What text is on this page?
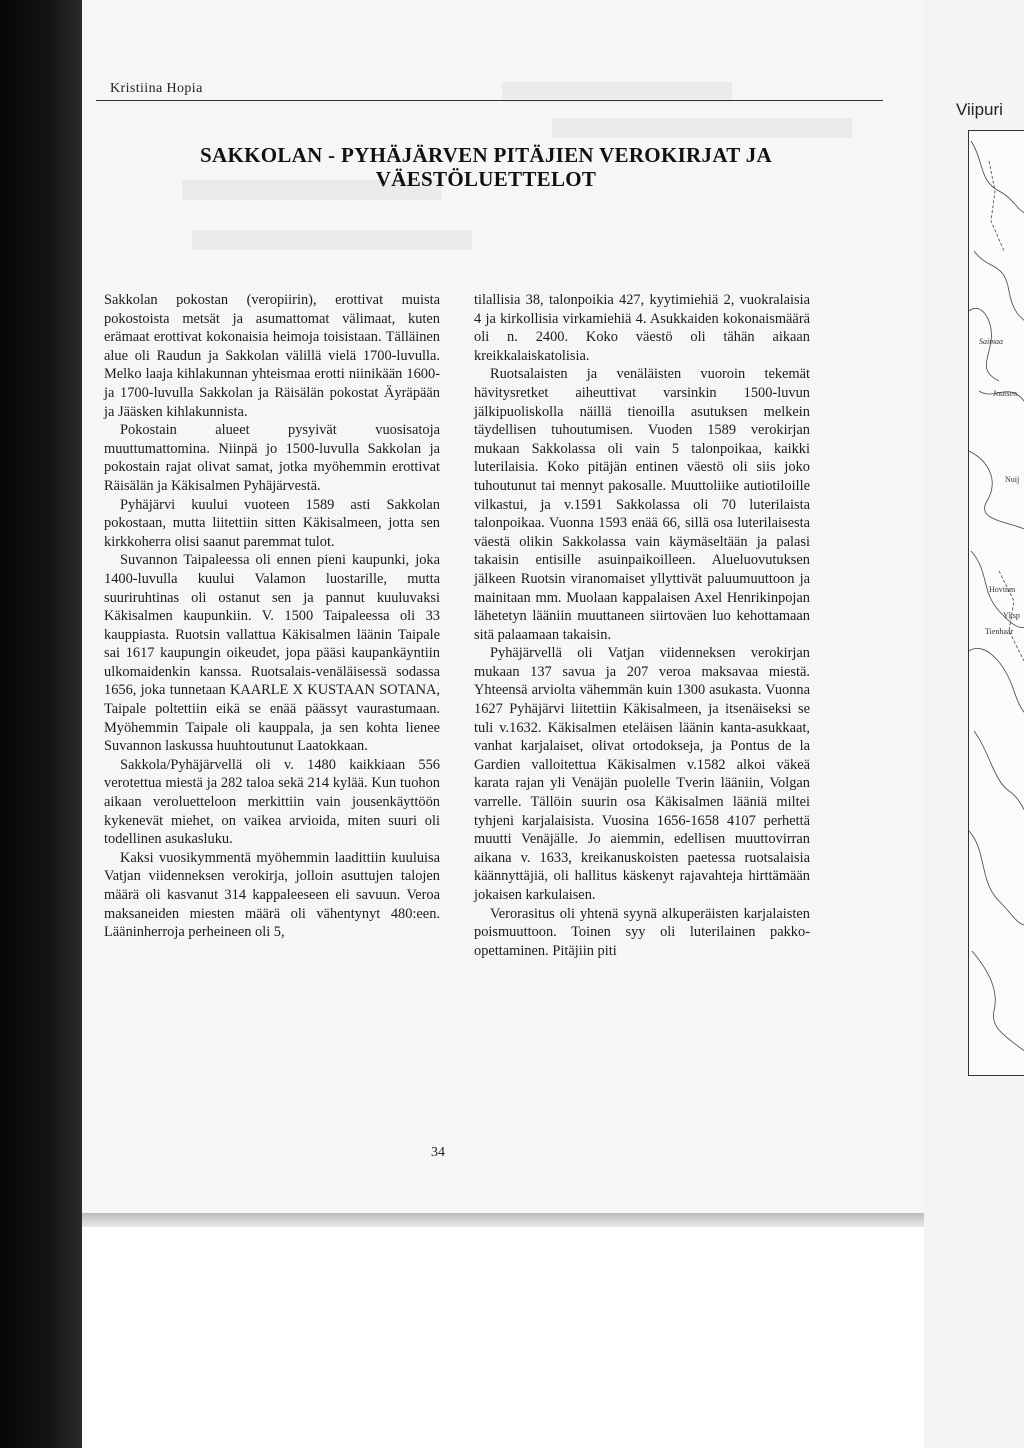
Kristiina Hopia
SAKKOLAN - PYHÄJÄRVEN PITÄJIEN VEROKIRJAT JA VÄESTÖLUETTELOT

Sakkolan pokostan (veropiirin), erottivat muista pokostoista metsät ja asumattomat välimaat, kuten erämaat erottivat kokonaisia heimoja toisistaan. Tälläinen alue oli Raudun ja Sakkolan välillä vielä 1700-luvulla. Melko laaja kihlakunnan yhteismaa erotti niinikään 1600- ja 1700-luvulla Sakkolan ja Räisälän pokostat Äyräpään ja Jääsken kihlakunnista.

Pokostain alueet pysyivät vuosisatoja muuttumattomina. Niinpä jo 1500-luvulla Sakkolan ja pokostain rajat olivat samat, jotka myöhemmin erottivat Räisälän ja Käkisalmen Pyhäjärvestä.

Pyhäjärvi kuului vuoteen 1589 asti Sakkolan pokostaan, mutta liitettiin sitten Käkisalmeen, jotta sen kirkkoherra olisi saanut paremmat tulot.

Suvannon Taipaleessa oli ennen pieni kaupunki, joka 1400-luvulla kuului Valamon luostarille, mutta suuriruhtinas oli ostanut sen ja pannut kuuluvaksi Käkisalmen kaupunkiin. V. 1500 Taipaleessa oli 33 kauppiasta. Ruotsin vallattua Käkisalmen läänin Taipale sai 1617 kaupungin oikeudet, jopa pääsi kaupankäyntiin ulkomaidenkin kanssa. Ruotsalais-venäläisessä sodassa 1656, joka tunnetaan KAARLE X KUSTAAN SOTANA, Taipale poltettiin eikä se enää päässyt vaurastumaan. Myöhemmin Taipale oli kauppala, ja sen kohta lienee Suvannon laskussa huuhtoutunut Laatokkaan.

Sakkola/Pyhäjärvellä oli v. 1480 kaikkiaan 556 verotettua miestä ja 282 taloa sekä 214 kylää. Kun tuohon aikaan veroluetteloon merkittiin vain jousenkäyttöön kykenevät miehet, on vaikea arvioida, miten suuri oli todellinen asukasluku.

Kaksi vuosikymmentä myöhemmin laadittiin kuuluisa Vatjan viidenneksen verokirja, jolloin asuttujen talojen määrä oli kasvanut 314 kappaleeseen eli savuun. Veroa maksaneiden miesten määrä oli vähentynyt 480:een. Lääninherroja perheineen oli 5,

tilallisia 38, talonpoikia 427, kyytimiehiä 2, vuokralaisia 4 ja kirkollisia virkamiehiä 4. Asukkaiden kokonaismäärä oli n. 2400. Koko väestö oli tähän aikaan kreikkalaiskatolisia.

Ruotsalaisten ja venäläisten vuoroin tekemät hävitysretket aiheuttivat varsinkin 1500-luvun jälkipuoliskolla näillä tienoilla asutuksen melkein täydellisen tuhoutumisen. Vuoden 1589 verokirjan mukaan Sakkolassa oli vain 5 talonpoikaa, kaikki luterilaisia. Koko pitäjän entinen väestö oli siis joko tuhoutunut tai mennyt pakosalle. Muuttoliike autiotiloille vilkastui, ja v.1591 Sakkolassa oli 70 luterilaista talonpoikaa. Vuonna 1593 enää 66, sillä osa luterilaisesta väestä olikin Sakkolassa vain käymäseltään ja palasi takaisin entisille asuinpaikoilleen. Alueluovutuksen jälkeen Ruotsin viranomaiset yllyttivät paluumuuttoon ja mainitaan mm. Muolaan kappalaisen Axel Henrikinpojan lähetetyn lääniin muuttaneen siirtoväen luo kehottamaan sitä palaamaan takaisin.

Pyhäjärvellä oli Vatjan viidenneksen verokirjan mukaan 137 savua ja 207 veroa maksavaa miestä. Yhteensä arviolta vähemmän kuin 1300 asukasta. Vuonna 1627 Pyhäjärvi liitettiin Käkisalmeen, ja itsenäiseksi se tuli v.1632. Käkisalmen eteläisen läänin kanta-asukkaat, vanhat karjalaiset, olivat ortodokseja, ja Pontus de la Gardien valloitettua Käkisalmen v.1582 alkoi väkeä karata rajan yli Venäjän puolelle Tverin lääniin, Volgan varrelle. Tällöin suurin osa Käkisalmen lääniä miltei tyhjeni karjalaisista. Vuosina 1656-1658 4107 perhettä muutti Venäjälle. Jo aiemmin, edellisen muuttovirran aikana v. 1633, kreikanuskoisten paetessa ruotsalaisia käännyttäjiä, oli hallitus käskenyt rajavahteja hirttämään jokaisen karkulaisen.

Verorasitus oli yhtenä syynä alkuperäisten karjalaisten poismuuttoon. Toinen syy oli luterilainen pakko-opettaminen. Pitäjiin piti

34
Viipuri
Saimaa
Joutsen
Nuij
Hovinm
Yksp
Tienhaar
